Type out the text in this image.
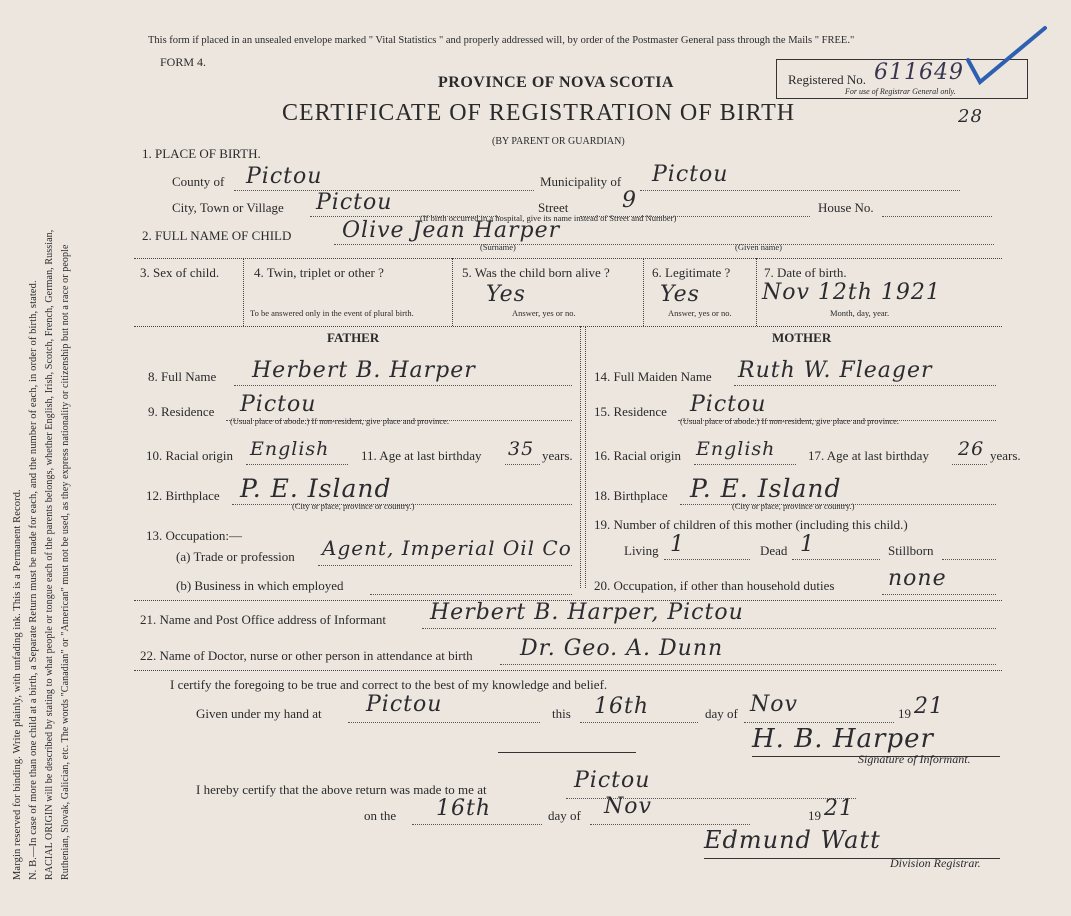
Margin reserved for binding. Write plainly, with unfading ink. This is a Permanent Record. N. B.—In case of more than one child at a birth, a Separate Return must be made for each, and the number of each, in order of birth, stated. RACIAL ORIGIN will be described by stating to what people or tongue each of the parents belongs, whether English, Irish, Scotch, French, German, Russian, Ruthenian, Slovak, Galician, etc. The words "Canadian" or "American" must not be used, as they express nationality or citizenship but not a race or people
This form if placed in an unsealed envelope marked " Vital Statistics " and properly addressed will, by order of the Postmaster General pass through the Mails " FREE."
FORM 4.
PROVINCE OF NOVA SCOTIA
CERTIFICATE OF REGISTRATION OF BIRTH
(BY PARENT OR GUARDIAN)
Registered No. 611649
For use of Registrar General only.
28
1. PLACE OF BIRTH.
County of Pictou	Municipality of Pictou
City, Town or Village Pictou	Street 9	House No.
(If birth occurred in a hospital, give its name instead of Street and Number)
2. FULL NAME OF CHILD Olive Jean Harper
(Surname)	(Given name)
3. Sex of child.	4. Twin, triplet or other ?
To be answered only in the event of plural birth.
5. Was the child born alive ?
Yes
Answer, yes or no.
6. Legitimate ?
Yes
Answer, yes or no.
7. Date of birth.
Nov 12th 1921
Month, day, year.
FATHER
8. Full Name Herbert B. Harper
9. Residence Pictou
(Usual place of abode.) If non-resident, give place and province.
10. Racial origin English 11. Age at last birthday 35 years.
12. Birthplace P. E. Island
(City or place, province or country.)
13. Occupation:—
(a) Trade or profession Agent, Imperial Oil Co
(b) Business in which employed
MOTHER
14. Full Maiden Name Ruth W. Fleager
15. Residence Pictou
(Usual place of abode.) If non-resident, give place and province.
16. Racial origin English	17. Age at last birthday 26 years.
18. Birthplace P. E. Island
(City or place, province or country.)
19. Number of children of this mother (including this child.)
Living 1	Dead 1	Stillborn
20. Occupation, if other than household duties none
21. Name and Post Office address of Informant Herbert B. Harper, Pictou
22. Name of Doctor, nurse or other person in attendance at birth Dr. Geo. A. Dunn
I certify the foregoing to be true and correct to the best of my knowledge and belief.
Given under my hand at Pictou	this 16th	day of Nov	19 21
H. B. Harper
Signature of Informant.
I hereby certify that the above return was made to me at	Pictou
on the 16th	day of Nov	19 21
Edmund Watt
Division Registrar.
